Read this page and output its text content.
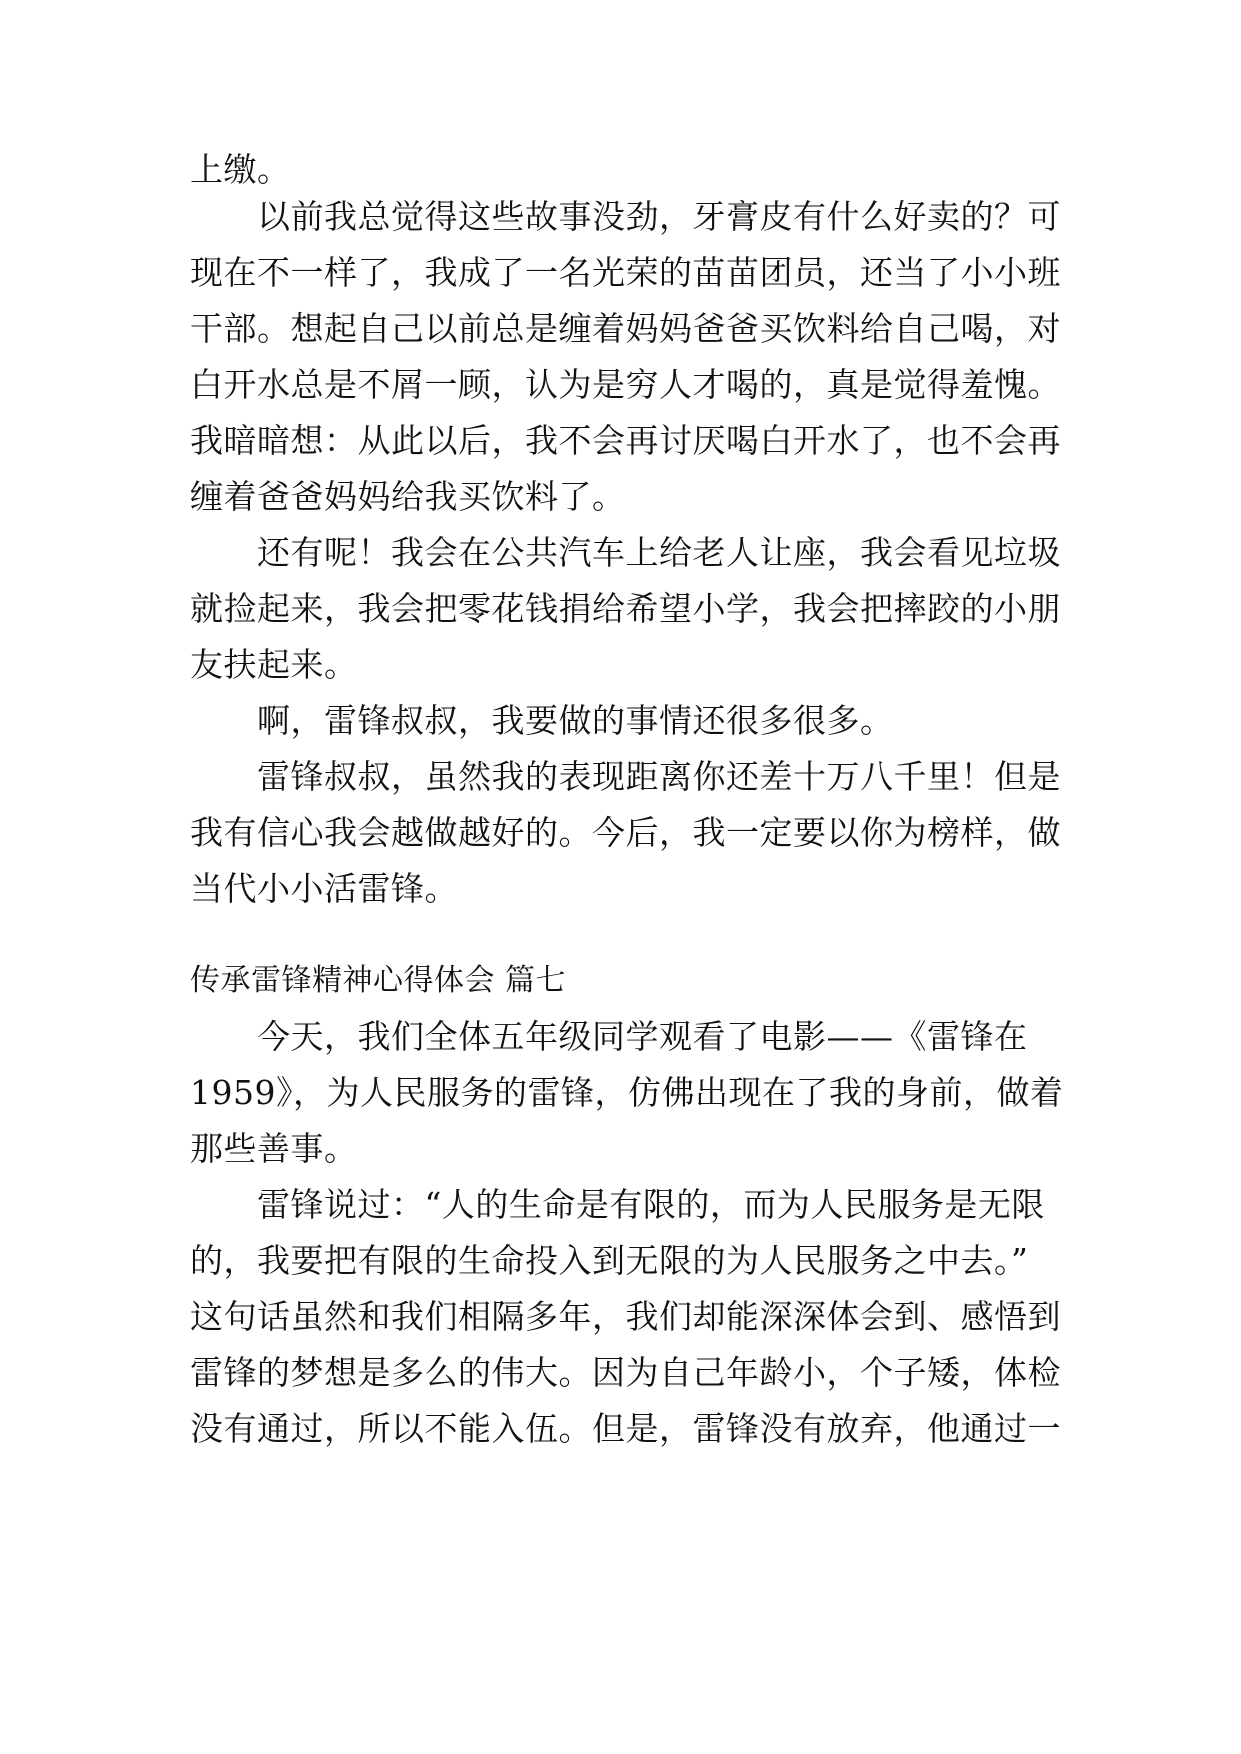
上缴。
以前我总觉得这些故事没劲，牙膏皮有什么好卖的？可
现在不一样了，我成了一名光荣的苗苗团员，还当了小小班
干部。想起自己以前总是缠着妈妈爸爸买饮料给自己喝，对
白开水总是不屑一顾，认为是穷人才喝的，真是觉得羞愧。
我暗暗想：从此以后，我不会再讨厌喝白开水了，也不会再
缠着爸爸妈妈给我买饮料了。
还有呢！我会在公共汽车上给老人让座，我会看见垃圾
就捡起来，我会把零花钱捐给希望小学，我会把摔跤的小朋
友扶起来。
啊，雷锋叔叔，我要做的事情还很多很多。
雷锋叔叔，虽然我的表现距离你还差十万八千里！但是
我有信心我会越做越好的。今后，我一定要以你为榜样，做
当代小小活雷锋。
传承雷锋精神心得体会 篇七
今天，我们全体五年级同学观看了电影——《雷锋在
1959》，为人民服务的雷锋，仿佛出现在了我的身前，做着
那些善事。
雷锋说过：“人的生命是有限的，而为人民服务是无限
的，我要把有限的生命投入到无限的为人民服务之中去。”
这句话虽然和我们相隔多年，我们却能深深体会到、感悟到
雷锋的梦想是多么的伟大。因为自己年龄小，个子矮，体检
没有通过，所以不能入伍。但是，雷锋没有放弃，他通过一
